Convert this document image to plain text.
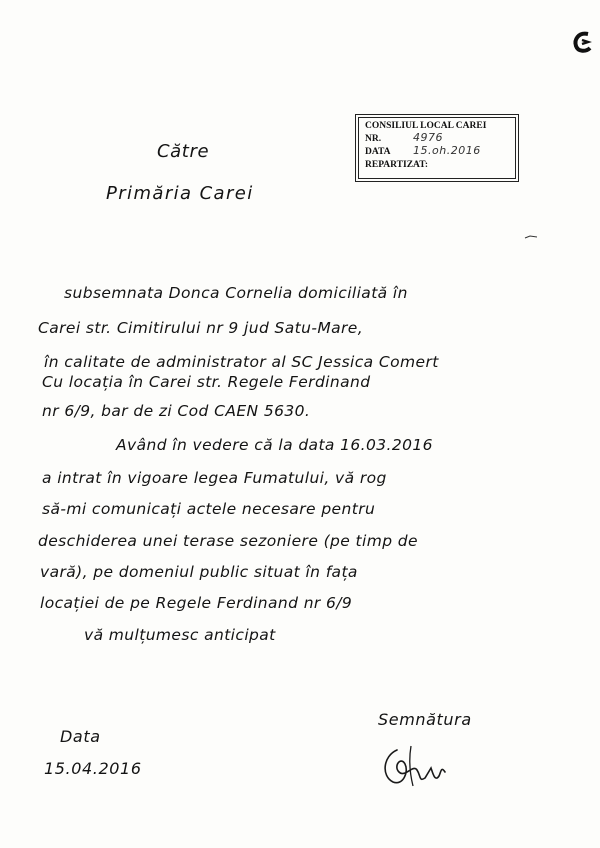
CONSILIUL LOCAL CAREI
NR.	4976
DATA 15.oh.2016
REPARTIZAT:
Către
Primăria Carei
subsemnata Donca Cornelia domiciliată în
Carei str. Cimitirului nr 9 jud Satu-Mare,
în calitate de administrator al SC Jessica Comert
Cu locația în Carei str. Regele Ferdinand
nr 6/9, bar de zi Cod CAEN 5630.
Având în vedere că la data 16.03.2016
a intrat în vigoare legea Fumatului, vă rog
să-mi comunicați actele necesare pentru
deschiderea unei terase sezoniere (pe timp de
vară), pe domeniul public situat în fața
locației de pe Regele Ferdinand nr 6/9
vă mulțumesc anticipat
Data
15.04.2016
Semnătura
